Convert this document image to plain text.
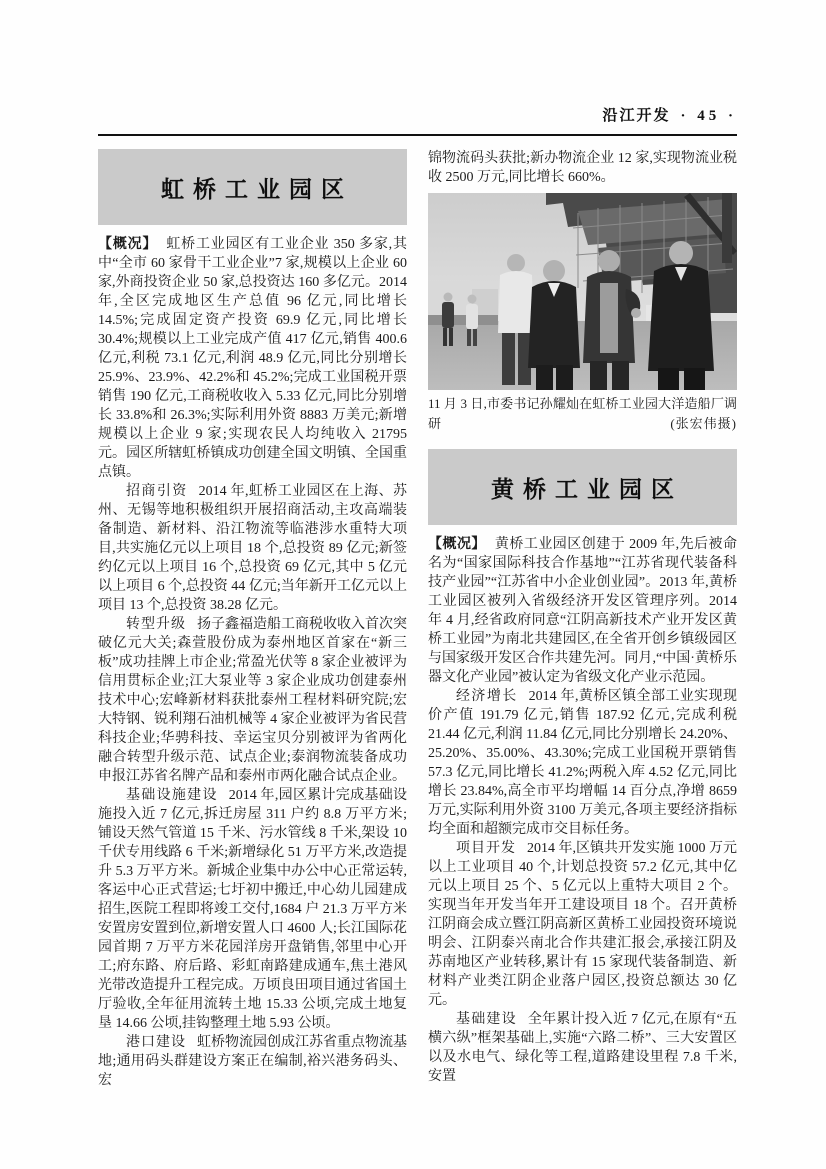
沿江开发 · 45 ·
虹桥工业园区

【概况】 虹桥工业园区有工业企业 350 多家,其中“全市 60 家骨干工业企业”7 家,规模以上企业 60 家,外商投资企业 50 家,总投资达 160 多亿元。2014 年,全区完成地区生产总值 96 亿元,同比增长 14.5%;完成固定资产投资 69.9 亿元,同比增长 30.4%;规模以上工业完成产值 417 亿元,销售 400.6 亿元,利税 73.1 亿元,利润 48.9 亿元,同比分别增长 25.9%、23.9%、42.2%和 45.2%;完成工业国税开票销售 190 亿元,工商税收收入 5.33 亿元,同比分别增长 33.8%和 26.3%;实际利用外资 8883 万美元;新增规模以上企业 9 家;实现农民人均纯收入 21795 元。园区所辖虹桥镇成功创建全国文明镇、全国重点镇。

招商引资 2014 年,虹桥工业园区在上海、苏州、无锡等地积极组织开展招商活动,主攻高端装备制造、新材料、沿江物流等临港涉水重特大项目,共实施亿元以上项目 18 个,总投资 89 亿元;新签约亿元以上项目 16 个,总投资 69 亿元,其中 5 亿元以上项目 6 个,总投资 44 亿元;当年新开工亿元以上项目 13 个,总投资 38.28 亿元。

转型升级 扬子鑫福造船工商税收收入首次突破亿元大关;森萱股份成为泰州地区首家在“新三板”成功挂牌上市企业;常盈光伏等 8 家企业被评为信用贯标企业;江大泵业等 3 家企业成功创建泰州技术中心;宏峰新材料获批泰州工程材料研究院;宏大特钢、锐利翔石油机械等 4 家企业被评为省民营科技企业;华骋科技、幸运宝贝分别被评为省两化融合转型升级示范、试点企业;泰润物流装备成功申报江苏省名牌产品和泰州市两化融合试点企业。

基础设施建设 2014 年,园区累计完成基础设施投入近 7 亿元,拆迁房屋 311 户约 8.8 万平方米;铺设天然气管道 15 千米、污水管线 8 千米,架设 10 千伏专用线路 6 千米;新增绿化 51 万平方米,改造提升 5.3 万平方米。新城企业集中办公中心正常运转,客运中心正式营运;七圩初中搬迁,中心幼儿园建成招生,医院工程即将竣工交付,1684 户 21.3 万平方米安置房安置到位,新增安置人口 4600 人;长江国际花园首期 7 万平方米花园洋房开盘销售,邻里中心开工;府东路、府后路、彩虹南路建成通车,焦土港风光带改造提升工程完成。万顷良田项目通过省国土厅验收,全年征用流转土地 15.33 公顷,完成土地复垦 14.66 公顷,挂钩整理土地 5.93 公顷。

港口建设 虹桥物流园创成江苏省重点物流基地;通用码头群建设方案正在编制,裕兴港务码头、宏

锦物流码头获批;新办物流企业 12 家,实现物流业税收 2500 万元,同比增长 660%。

11 月 3 日,市委书记孙耀灿在虹桥工业园大洋造船厂调研	(张宏伟摄)

黄桥工业园区

【概况】 黄桥工业园区创建于 2009 年,先后被命名为“国家国际科技合作基地”“江苏省现代装备科技产业园”“江苏省中小企业创业园”。2013 年,黄桥工业园区被列入省级经济开发区管理序列。2014 年 4 月,经省政府同意“江阴高新技术产业开发区黄桥工业园”为南北共建园区,在全省开创乡镇级园区与国家级开发区合作共建先河。同月,“中国·黄桥乐器文化产业园”被认定为省级文化产业示范园。

经济增长 2014 年,黄桥区镇全部工业实现现价产值 191.79 亿元,销售 187.92 亿元,完成利税 21.44 亿元,利润 11.84 亿元,同比分别增长 24.20%、25.20%、35.00%、43.30%;完成工业国税开票销售 57.3 亿元,同比增长 41.2%;两税入库 4.52 亿元,同比增长 23.84%,高全市平均增幅 14 百分点,净增 8659 万元,实际利用外资 3100 万美元,各项主要经济指标均全面和超额完成市交目标任务。

项目开发 2014 年,区镇共开发实施 1000 万元以上工业项目 40 个,计划总投资 57.2 亿元,其中亿元以上项目 25 个、5 亿元以上重特大项目 2 个。实现当年开发当年开工建设项目 18 个。召开黄桥江阴商会成立暨江阴高新区黄桥工业园投资环境说明会、江阴泰兴南北合作共建汇报会,承接江阴及苏南地区产业转移,累计有 15 家现代装备制造、新材料产业类江阴企业落户园区,投资总额达 30 亿元。

基础建设 全年累计投入近 7 亿元,在原有“五横六纵”框架基础上,实施“六路二桥”、三大安置区以及水电气、绿化等工程,道路建设里程 7.8 千米,安置
